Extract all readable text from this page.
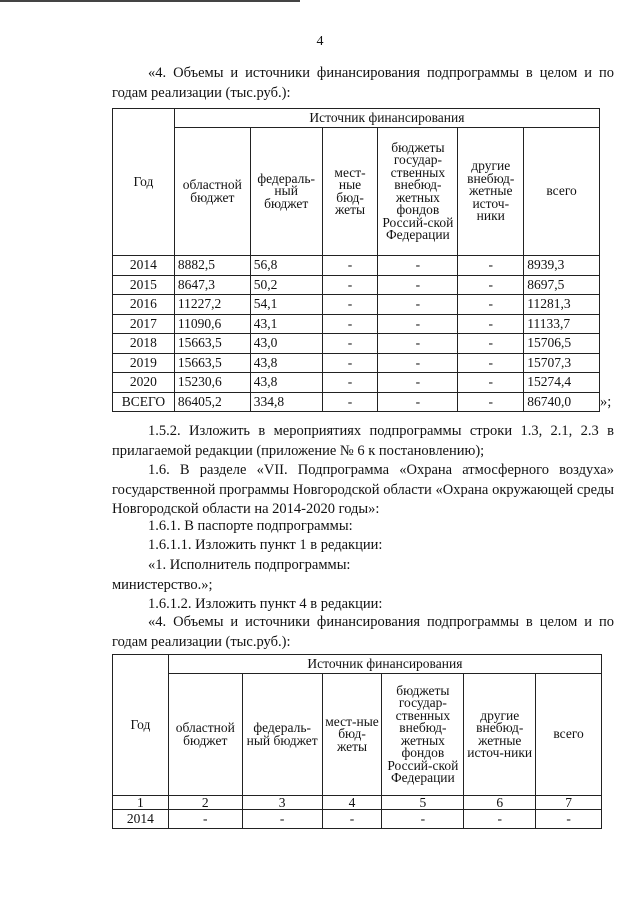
4

«4. Объемы и источники финансирования подпрограммы в целом и по годам реализации (тыс.руб.):

Год	Источник финансирования					
	областной бюджет	федераль-ный бюджет	мест-ные бюд-жеты	бюджеты государ-ственных внебюд-жетных фондов Россий-ской Федерации	другие внебюд-жетные источ-ники	всего
2014	8882,5	56,8	-	-	-	8939,3
2015	8647,3	50,2	-	-	-	8697,5
2016	11227,2	54,1	-	-	-	11281,3
2017	11090,6	43,1	-	-	-	11133,7
2018	15663,5	43,0	-	-	-	15706,5
2019	15663,5	43,8	-	-	-	15707,3
2020	15230,6	43,8	-	-	-	15274,4
ВСЕГО	86405,2	334,8	-	-	-	86740,0 »;

1.5.2. Изложить в мероприятиях подпрограммы строки 1.3, 2.1, 2.3 в прилагаемой редакции (приложение № 6 к постановлению);

1.6. В разделе «VII. Подпрограмма «Охрана атмосферного воздуха» государственной программы Новгородской области «Охрана окружающей среды Новгородской области на 2014-2020 годы»:

1.6.1. В паспорте подпрограммы:
1.6.1.1. Изложить пункт 1 в редакции:
«1. Исполнитель подпрограммы:
министерство.»;
1.6.1.2. Изложить пункт 4 в редакции:

«4. Объемы и источники финансирования подпрограммы в целом и по годам реализации (тыс.руб.):

Год	Источник финансирования					
	областной бюджет	федераль-ный бюджет	мест-ные бюд-жеты	бюджеты государ-ственных внебюд-жетных фондов Россий-ской Федерации	другие внебюд-жетные источ-ники	всего
1	2	3	4	5	6	7
2014	-	-	-	-	-	-
